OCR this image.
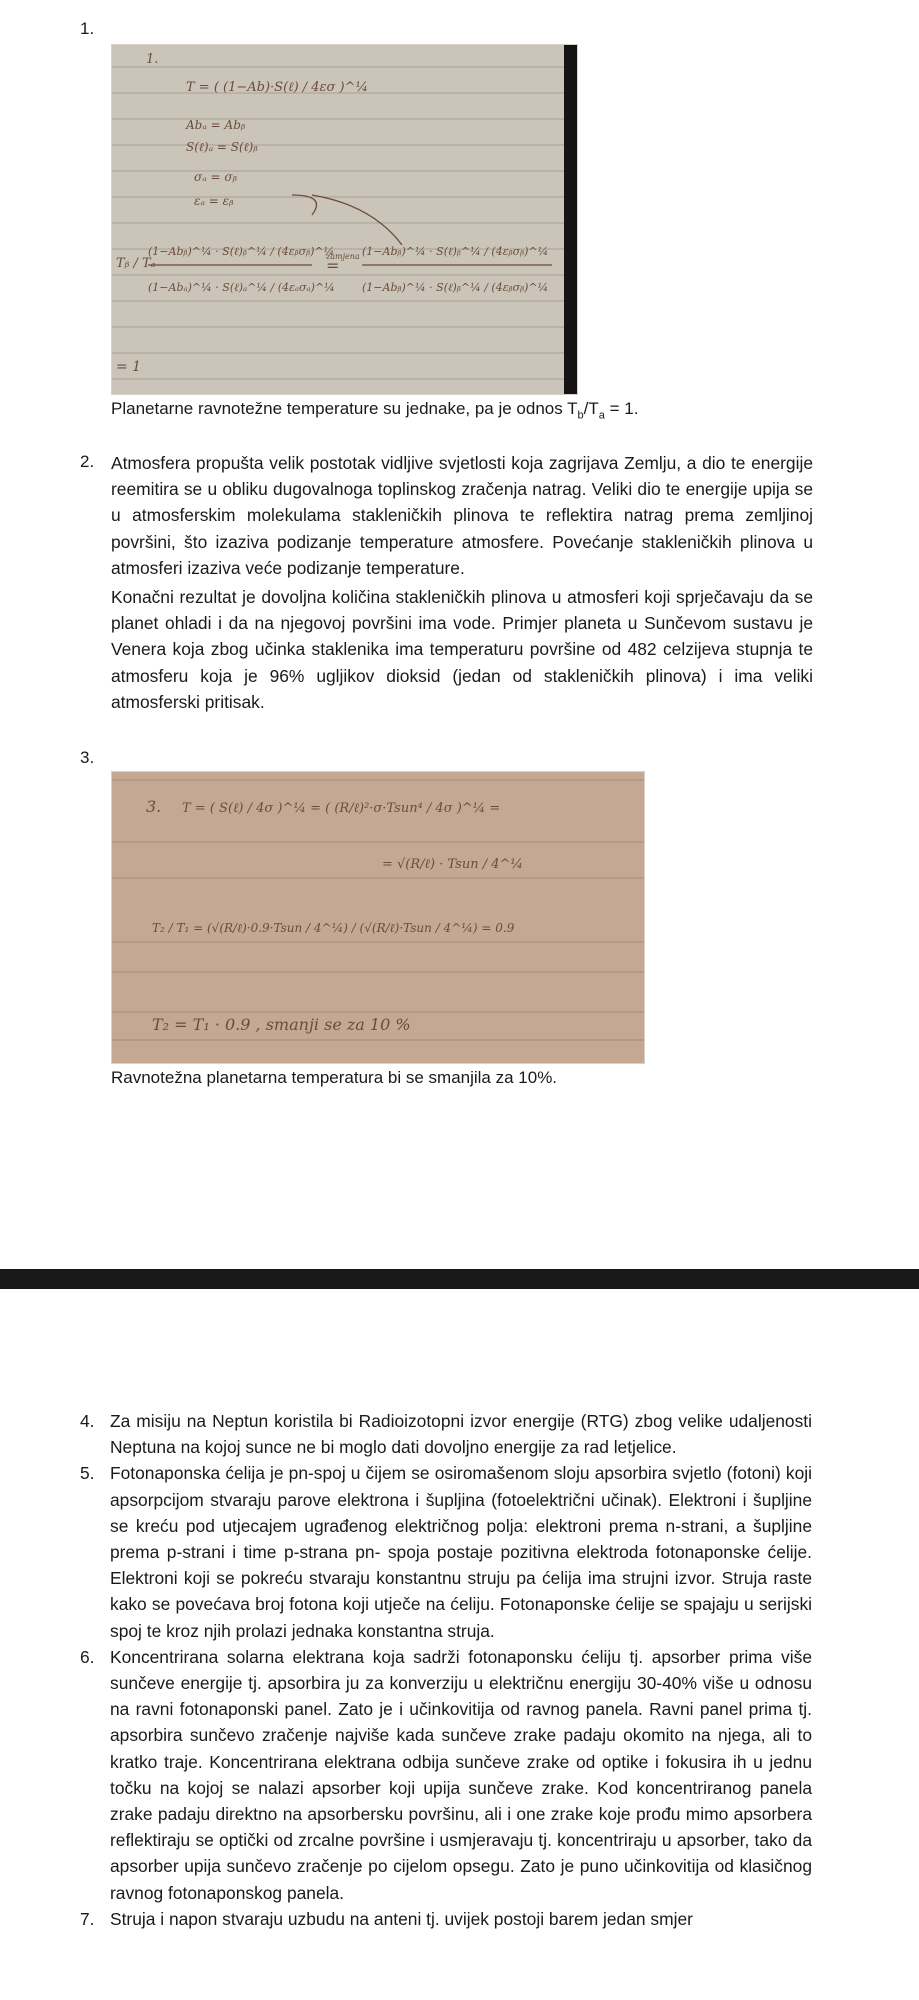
1.
1.
T = ( (1−Ab)·S(ℓ) / 4εσ )^¼
Abₐ = Abᵦ
S(ℓ)ₐ = S(ℓ)ᵦ
σₐ = σᵦ
εₐ = εᵦ
Tᵦ / Tₐ
(1−Abᵦ)^¼ · S(ℓ)ᵦ^¼ / (4εᵦσᵦ)^¼
(1−Abₐ)^¼ · S(ℓ)ₐ^¼ / (4εₐσₐ)^¼
zamjena
=
(1−Abᵦ)^¼ · S(ℓ)ᵦ^¼ / (4εᵦσᵦ)^¼
(1−Abᵦ)^¼ · S(ℓ)ᵦ^¼ / (4εᵦσᵦ)^¼
= 1
Planetarne ravnotežne temperature su jednake, pa je odnos $T_b/T_a = 1$.
2. Atmosfera propušta velik postotak vidljive svjetlosti koja zagrijava Zemlju, a dio te energije reemitira se u obliku dugovalnoga toplinskog zračenja natrag. Veliki dio te energije upija se u atmosferskim molekulama stakleničkih plinova te reflektira natrag prema zemljinoj površini, što izaziva podizanje temperature atmosfere. Povećanje stakleničkih plinova u atmosferi izaziva veće podizanje temperature.

Konačni rezultat je dovoljna količina stakleničkih plinova u atmosferi koji sprječavaju da se planet ohladi i da na njegovoj površini ima vode. Primjer planeta u Sunčevom sustavu je Venera koja zbog učinka staklenika ima temperaturu površine od 482 celzijeva stupnja te atmosferu koja je 96% ugljikov dioksid (jedan od stakleničkih plinova) i ima veliki atmosferski pritisak.

3.
3. T = ( S(ℓ) / 4σ )^¼ = ( (R/ℓ)²·σ·Tsun⁴ / 4σ )^¼ =
= √(R/ℓ) · Tsun / 4^¼
T₂ / T₁ = (√(R/ℓ)·0.9·Tsun / 4^¼) / (√(R/ℓ)·Tsun / 4^¼) = 0.9
T₂ = T₁ · 0.9 , smanji se za 10 %
Ravnotežna planetarna temperatura bi se smanjila za 10%.
4. Za misiju na Neptun koristila bi Radioizotopni izvor energije (RTG) zbog velike udaljenosti Neptuna na kojoj sunce ne bi moglo dati dovoljno energije za rad letjelice.
5. Fotonaponska ćelija je pn-spoj u čijem se osiromašenom sloju apsorbira svjetlo (fotoni) koji apsorpcijom stvaraju parove elektrona i šupljina (fotoelektrični učinak). Elektroni i šupljine se kreću pod utjecajem ugrađenog električnog polja: elektroni prema n-strani, a šupljine prema p-strani i time p-strana pn- spoja postaje pozitivna elektroda fotonaponske ćelije. Elektroni koji se pokreću stvaraju konstantnu struju pa ćelija ima strujni izvor. Struja raste kako se povećava broj fotona koji utječe na ćeliju. Fotonaponske ćelije se spajaju u serijski spoj te kroz njih prolazi jednaka konstantna struja.
6. Koncentrirana solarna elektrana koja sadrži fotonaponsku ćeliju tj. apsorber prima više sunčeve energije tj. apsorbira ju za konverziju u električnu energiju 30-40% više u odnosu na ravni fotonaponski panel. Zato je i učinkovitija od ravnog panela. Ravni panel prima tj. apsorbira sunčevo zračenje najviše kada sunčeve zrake padaju okomito na njega, ali to kratko traje. Koncentrirana elektrana odbija sunčeve zrake od optike i fokusira ih u jednu točku na kojoj se nalazi apsorber koji upija sunčeve zrake. Kod koncentriranog panela zrake padaju direktno na apsorbersku površinu, ali i one zrake koje prođu mimo apsorbera reflektiraju se optički od zrcalne površine i usmjeravaju tj. koncentriraju u apsorber, tako da apsorber upija sunčevo zračenje po cijelom opsegu. Zato je puno učinkovitija od klasičnog ravnog fotonaponskog panela.
7. Struja i napon stvaraju uzbudu na anteni tj. uvijek postoji barem jedan smjer
